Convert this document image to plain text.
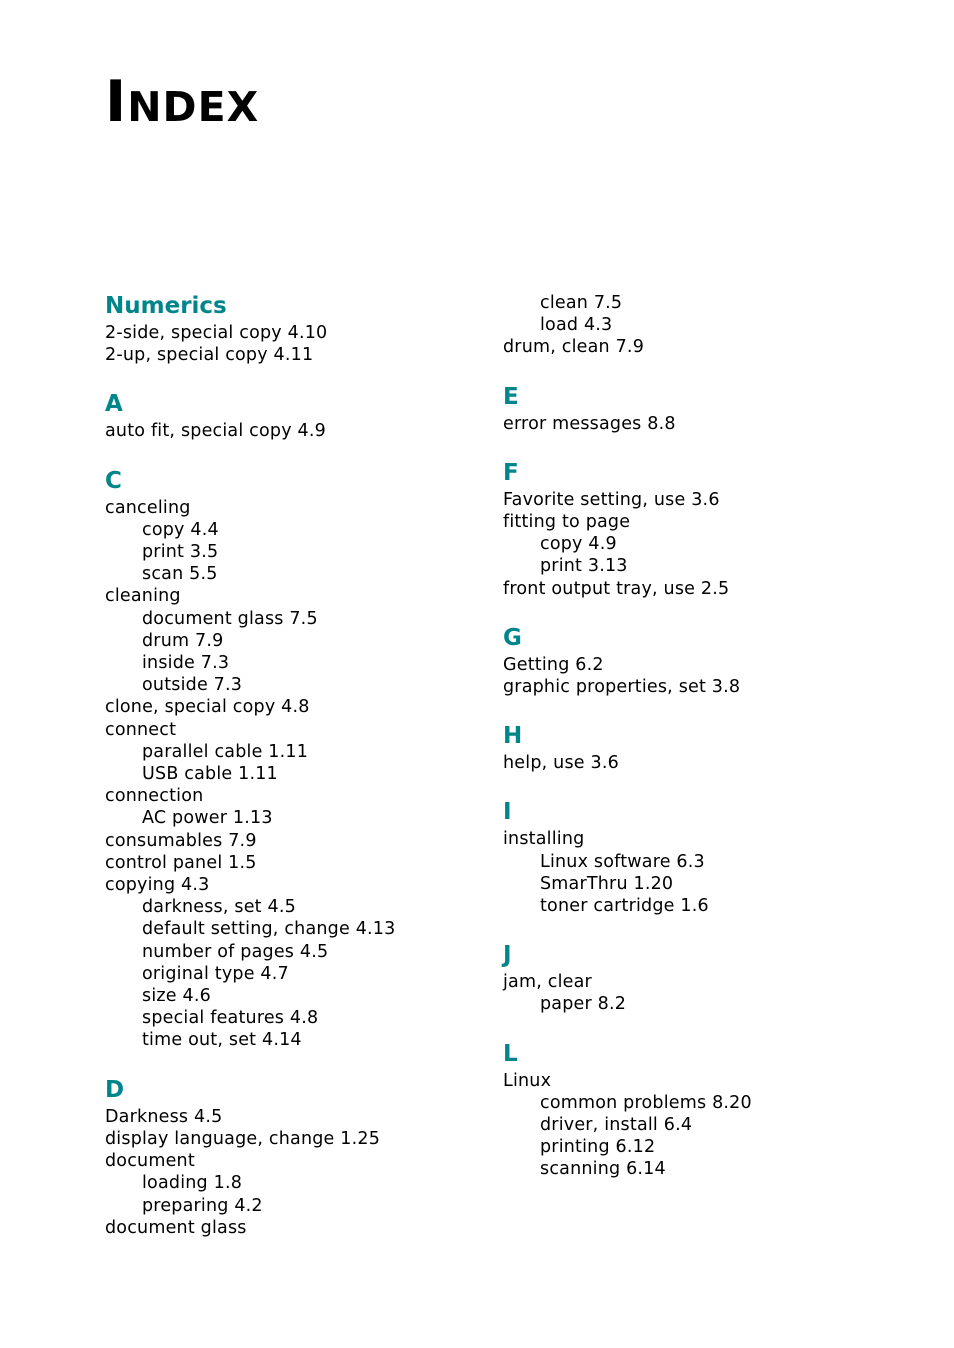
INDEX
Numerics
2-side, special copy 4.10
2-up, special copy 4.11
A
auto fit, special copy 4.9
C
canceling
copy 4.4
print 3.5
scan 5.5
cleaning
document glass 7.5
drum 7.9
inside 7.3
outside 7.3
clone, special copy 4.8
connect
parallel cable 1.11
USB cable 1.11
connection
AC power 1.13
consumables 7.9
control panel 1.5
copying 4.3
darkness, set 4.5
default setting, change 4.13
number of pages 4.5
original type 4.7
size 4.6
special features 4.8
time out, set 4.14
D
Darkness 4.5
display language, change 1.25
document
loading 1.8
preparing 4.2
document glass
clean 7.5
load 4.3
drum, clean 7.9
E
error messages 8.8
F
Favorite setting, use 3.6
fitting to page
copy 4.9
print 3.13
front output tray, use 2.5
G
Getting 6.2
graphic properties, set 3.8
H
help, use 3.6
I
installing
Linux software 6.3
SmarThru 1.20
toner cartridge 1.6
J
jam, clear
paper 8.2
L
Linux
common problems 8.20
driver, install 6.4
printing 6.12
scanning 6.14
